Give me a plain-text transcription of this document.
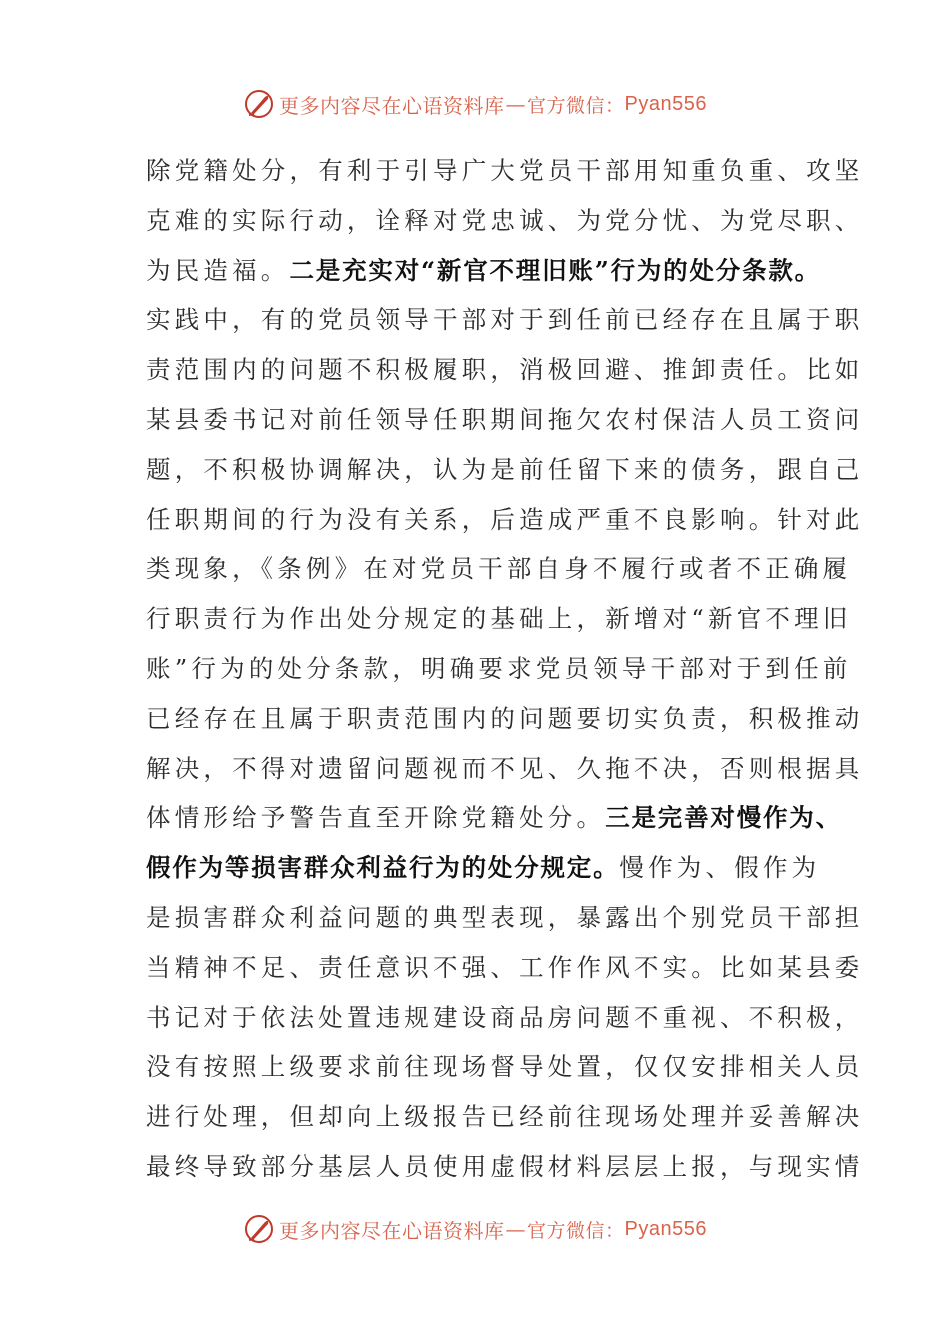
更多内容尽在心语资料库 — 官方微信： Pyan556
除党籍处分，有利于引导广大党员干部用知重负重、攻坚
克难的实际行动，诠释对党忠诚、为党分忧、为党尽职、
为民造福。二是充实对“新官不理旧账”行为的处分条款。
实践中，有的党员领导干部对于到任前已经存在且属于职
责范围内的问题不积极履职，消极回避、推卸责任。比如
某县委书记对前任领导任职期间拖欠农村保洁人员工资问
题，不积极协调解决，认为是前任留下来的债务，跟自己
任职期间的行为没有关系，后造成严重不良影响。针对此
类现象，《条例》在对党员干部自身不履行或者不正确履
行职责行为作出处分规定的基础上，新增对“新官不理旧
账”行为的处分条款，明确要求党员领导干部对于到任前
已经存在且属于职责范围内的问题要切实负责，积极推动
解决，不得对遗留问题视而不见、久拖不决，否则根据具
体情形给予警告直至开除党籍处分。三是完善对慢作为、
假作为等损害群众利益行为的处分规定。慢作为、假作为
是损害群众利益问题的典型表现，暴露出个别党员干部担
当精神不足、责任意识不强、工作作风不实。比如某县委
书记对于依法处置违规建设商品房问题不重视、不积极，
没有按照上级要求前往现场督导处置，仅仅安排相关人员
进行处理，但却向上级报告已经前往现场处理并妥善解决
最终导致部分基层人员使用虚假材料层层上报，与现实情
更多内容尽在心语资料库 — 官方微信： Pyan556
